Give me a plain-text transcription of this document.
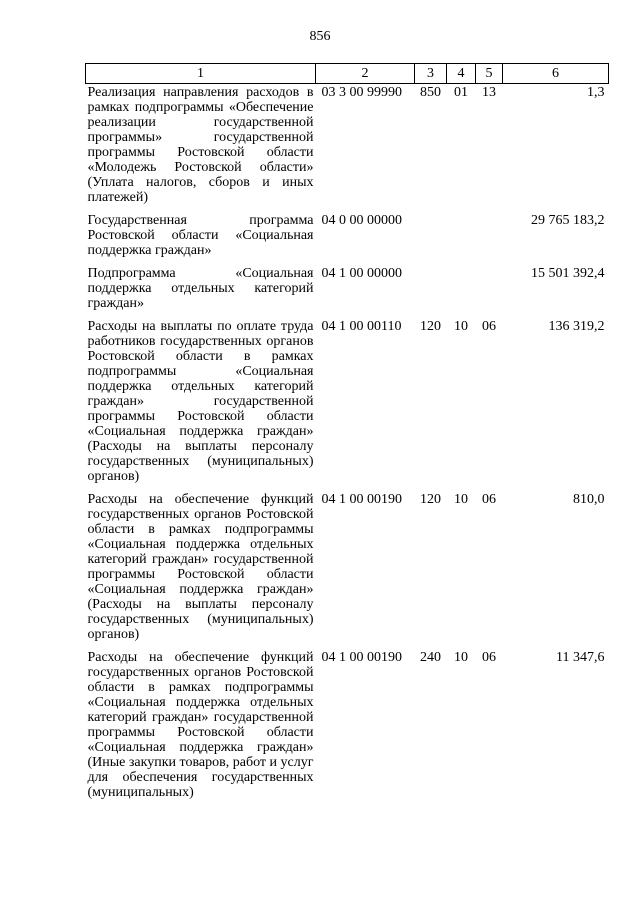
856
1	2	3	4	5	6
Реализация направления расходов в рамках подпрограммы «Обеспечение реализации государственной программы» государственной программы Ростовской области «Молодежь Ростовской области» (Уплата налогов, сборов и иных платежей)	03 3 00 99990	850	01	13	1,3
Государственная программа Ростовской области «Социальная поддержка граждан»	04 0 00 00000				29 765 183,2
Подпрограмма «Социальная поддержка отдельных категорий граждан»	04 1 00 00000				15 501 392,4
Расходы на выплаты по оплате труда работников государственных органов Ростовской области в рамках подпрограммы «Социальная поддержка отдельных категорий граждан» государственной программы Ростовской области «Социальная поддержка граждан» (Расходы на выплаты персоналу государственных (муниципальных) органов)	04 1 00 00110	120	10	06	136 319,2
Расходы на обеспечение функций государственных органов Ростовской области в рамках подпрограммы «Социальная поддержка отдельных категорий граждан» государственной программы Ростовской области «Социальная поддержка граждан» (Расходы на выплаты персоналу государственных (муниципальных) органов)	04 1 00 00190	120	10	06	810,0
Расходы на обеспечение функций государственных органов Ростовской области в рамках подпрограммы «Социальная поддержка отдельных категорий граждан» государственной программы Ростовской области «Социальная поддержка граждан» (Иные закупки товаров, работ и услуг для обеспечения государственных (муниципальных)	04 1 00 00190	240	10	06	11 347,6
